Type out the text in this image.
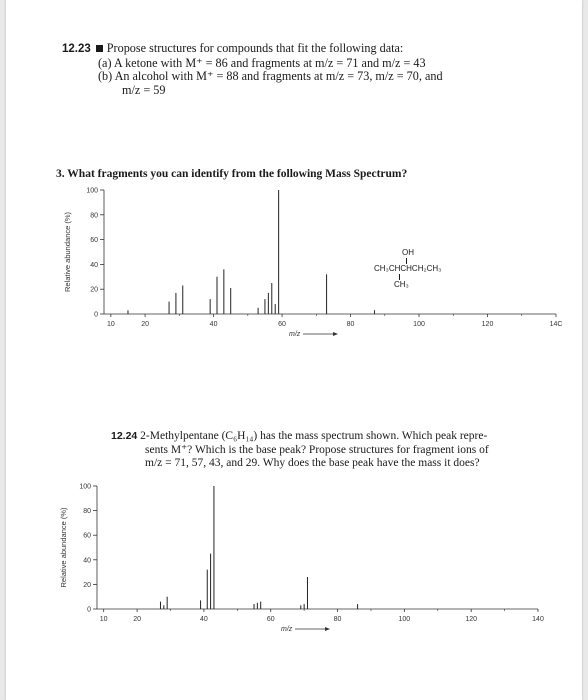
12.23 Propose structures for compounds that fit the following data:
(a) A ketone with M⁺ = 86 and fragments at m/z = 71 and m/z = 43
(b) An alcohol with M⁺ = 88 and fragments at m/z = 73, m/z = 70, and
m/z = 59
3. What fragments you can identify from the following Mass Spectrum?
0
20
40
60
80
100
10	20	40	60	80	100	120	14C
Relative abundance (%)
m/z
OH
CH₃CHCHCH₂CH₃
CH₃
12.24 2-Methylpentane (C₆H₁₄) has the mass spectrum shown. Which peak repre-
sents M⁺? Which is the base peak? Propose structures for fragment ions of
m/z = 71, 57, 43, and 29. Why does the base peak have the mass it does?
0
20
40
60
80
100
10	20	40	60	80	100	120	140
Relative abundance (%)
m/z
